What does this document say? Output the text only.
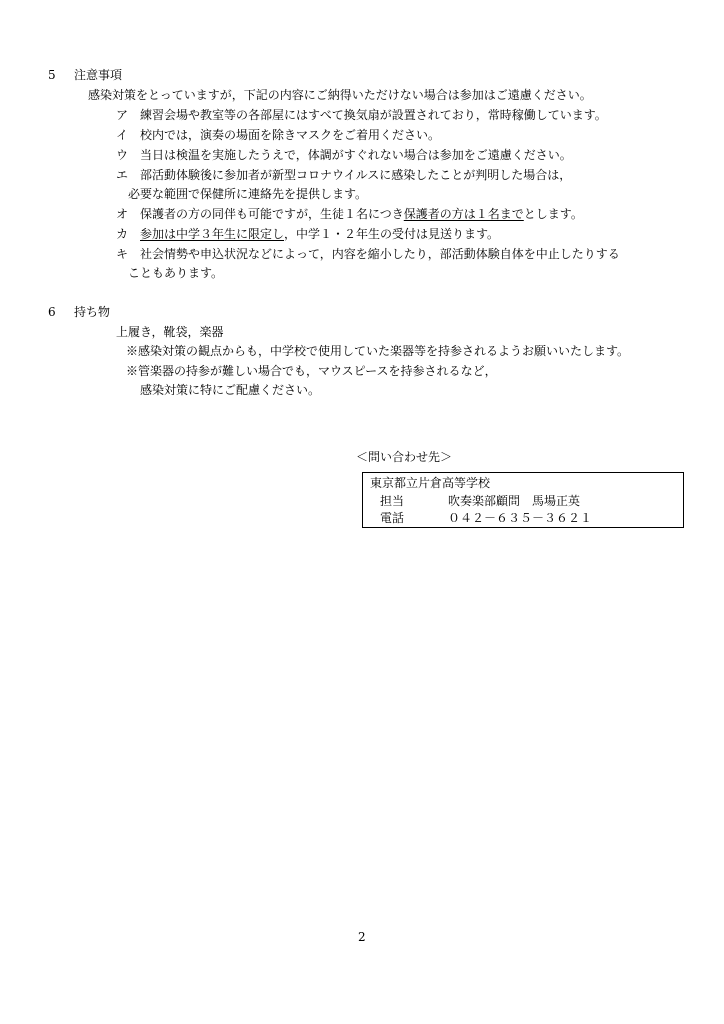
5 注意事項
感染対策をとっていますが，下記の内容にご納得いただけない場合は参加はご遠慮ください。
ア 練習会場や教室等の各部屋にはすべて換気扇が設置されており，常時稼働しています。
イ 校内では，演奏の場面を除きマスクをご着用ください。
ウ 当日は検温を実施したうえで，体調がすぐれない場合は参加をご遠慮ください。
エ 部活動体験後に参加者が新型コロナウイルスに感染したことが判明した場合は，
必要な範囲で保健所に連絡先を提供します。
オ 保護者の方の同伴も可能ですが，生徒１名につき保護者の方は１名までとします。
カ 参加は中学３年生に限定し，中学１・２年生の受付は見送ります。
キ 社会情勢や申込状況などによって，内容を縮小したり，部活動体験自体を中止したりする
こともあります。
6 持ち物
上履き，靴袋，楽器
※感染対策の観点からも，中学校で使用していた楽器等を持参されるようお願いいたします。
※管楽器の持参が難しい場合でも，マウスピースを持参されるなど，
感染対策に特にご配慮ください。
＜問い合わせ先＞
東京都立片倉高等学校
担当	吹奏楽部顧問　馬場正英
電話	０４２－６３５－３６２１
2
